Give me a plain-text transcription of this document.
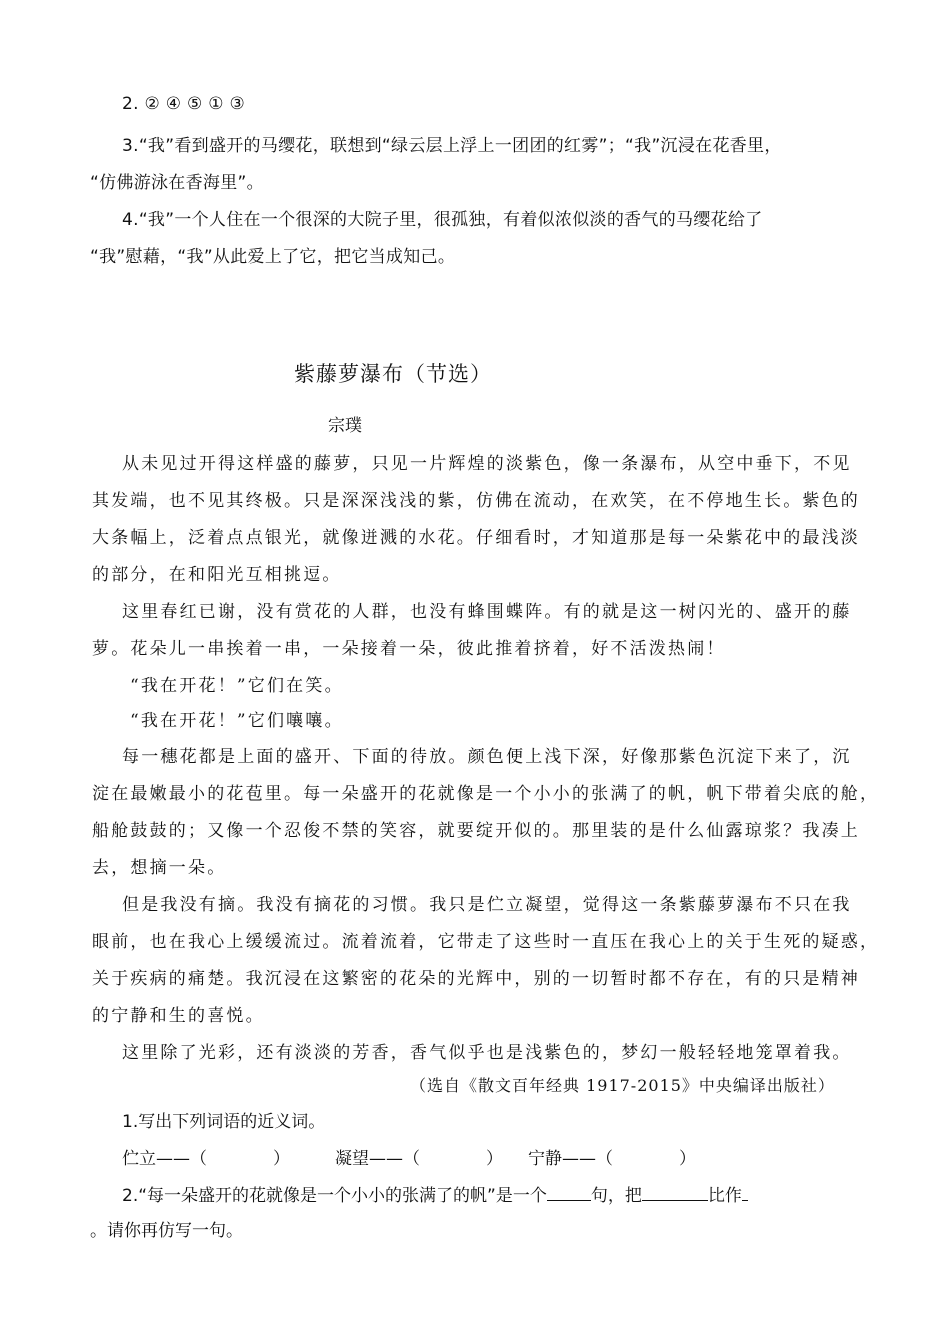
2. ② ④ ⑤ ① ③
3.“我”看到盛开的马缨花，联想到“绿云层上浮上一团团的红雾”；“我”沉浸在花香里，
“仿佛游泳在香海里”。
4.“我”一个人住在一个很深的大院子里，很孤独，有着似浓似淡的香气的马缨花给了
“我”慰藉，“我”从此爱上了它，把它当成知己。
紫藤萝瀑布（节选）
宗璞
从未见过开得这样盛的藤萝，只见一片辉煌的淡紫色，像一条瀑布，从空中垂下，不见
其发端，也不见其终极。只是深深浅浅的紫，仿佛在流动，在欢笑，在不停地生长。紫色的
大条幅上，泛着点点银光，就像迸溅的水花。仔细看时，才知道那是每一朵紫花中的最浅淡
的部分，在和阳光互相挑逗。
这里春红已谢，没有赏花的人群，也没有蜂围蝶阵。有的就是这一树闪光的、盛开的藤
萝。花朵儿一串挨着一串，一朵接着一朵，彼此推着挤着，好不活泼热闹！
“我在开花！”它们在笑。
“我在开花！”它们嚷嚷。
每一穗花都是上面的盛开、下面的待放。颜色便上浅下深，好像那紫色沉淀下来了，沉
淀在最嫩最小的花苞里。每一朵盛开的花就像是一个小小的张满了的帆，帆下带着尖底的舱，
船舱鼓鼓的；又像一个忍俊不禁的笑容，就要绽开似的。那里装的是什么仙露琼浆？我凑上
去，想摘一朵。
但是我没有摘。我没有摘花的习惯。我只是伫立凝望，觉得这一条紫藤萝瀑布不只在我
眼前，也在我心上缓缓流过。流着流着，它带走了这些时一直压在我心上的关于生死的疑惑，
关于疾病的痛楚。我沉浸在这繁密的花朵的光辉中，别的一切暂时都不存在，有的只是精神
的宁静和生的喜悦。
这里除了光彩，还有淡淡的芳香，香气似乎也是浅紫色的，梦幻一般轻轻地笼罩着我。
（选自《散文百年经典 1917-2015》中央编译出版社）
1.写出下列词语的近义词。
伫立——（	）	凝望——（	） 宁静——（	）
2.“每一朵盛开的花就像是一个小小的张满了的帆”是一个	句，把	比作
。请你再仿写一句。
